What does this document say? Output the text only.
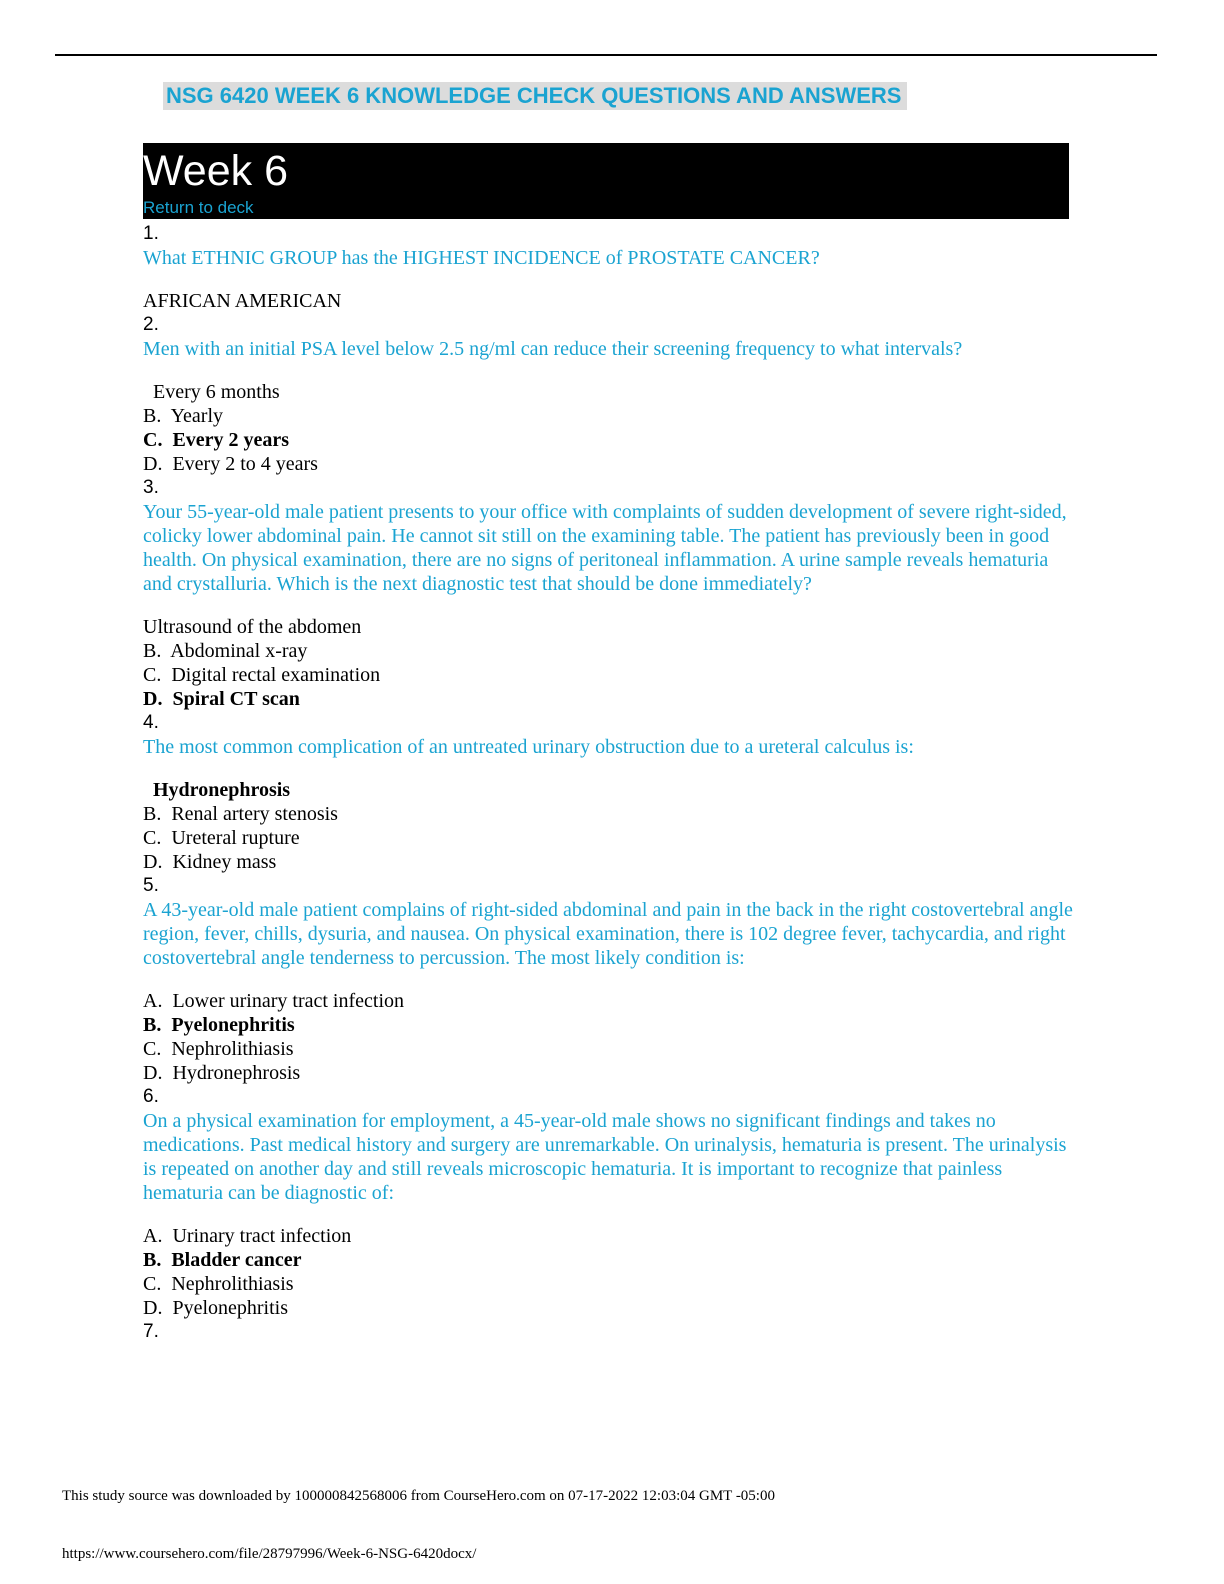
NSG 6420 WEEK 6 KNOWLEDGE CHECK QUESTIONS AND ANSWERS
Week 6
Return to deck
1.
What ETHNIC GROUP has the HIGHEST INCIDENCE of PROSTATE CANCER?
AFRICAN AMERICAN
2.
Men with an initial PSA level below 2.5 ng/ml can reduce their screening frequency to what intervals?
Every 6 months
B.  Yearly
C.  Every 2 years
D.  Every 2 to 4 years
3.
Your 55-year-old male patient presents to your office with complaints of sudden development of severe right-sided, colicky lower abdominal pain. He cannot sit still on the examining table. The patient has previously been in good health. On physical examination, there are no signs of peritoneal inflammation. A urine sample reveals hematuria and crystalluria. Which is the next diagnostic test that should be done immediately?
Ultrasound of the abdomen
B.  Abdominal x-ray
C.  Digital rectal examination
D.  Spiral CT scan
4.
The most common complication of an untreated urinary obstruction due to a ureteral calculus is:
Hydronephrosis
B.  Renal artery stenosis
C.  Ureteral rupture
D.  Kidney mass
5.
A 43-year-old male patient complains of right-sided abdominal and pain in the back in the right costovertebral angle region, fever, chills, dysuria, and nausea. On physical examination, there is 102 degree fever, tachycardia, and right costovertebral angle tenderness to percussion. The most likely condition is:
A.  Lower urinary tract infection
B.  Pyelonephritis
C.  Nephrolithiasis
D.  Hydronephrosis
6.
On a physical examination for employment, a 45-year-old male shows no significant findings and takes no medications. Past medical history and surgery are unremarkable. On urinalysis, hematuria is present. The urinalysis is repeated on another day and still reveals microscopic hematuria. It is important to recognize that painless hematuria can be diagnostic of:
A.  Urinary tract infection
B.  Bladder cancer
C.  Nephrolithiasis
D.  Pyelonephritis
7.
This study source was downloaded by 100000842568006 from CourseHero.com on 07-17-2022 12:03:04 GMT -05:00
https://www.coursehero.com/file/28797996/Week-6-NSG-6420docx/
